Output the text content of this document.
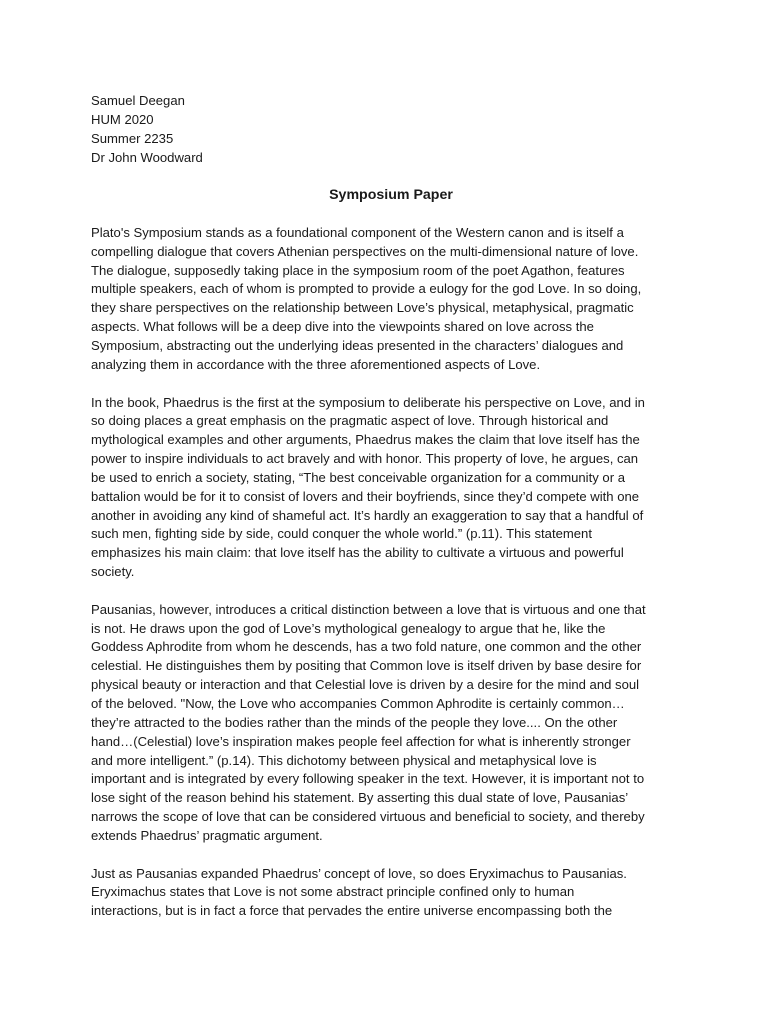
Samuel Deegan
HUM 2020
Summer 2235
Dr John Woodward
Symposium Paper

Plato's Symposium stands as a foundational component of the Western canon and is itself a
compelling dialogue that covers Athenian perspectives on the multi-dimensional nature of love.
The dialogue, supposedly taking place in the symposium room of the poet Agathon, features
multiple speakers, each of whom is prompted to provide a eulogy for the god Love. In so doing,
they share perspectives on the relationship between Love’s physical, metaphysical, pragmatic
aspects. What follows will be a deep dive into the viewpoints shared on love across the
Symposium, abstracting out the underlying ideas presented in the characters’ dialogues and
analyzing them in accordance with the three aforementioned aspects of Love.

In the book, Phaedrus is the first at the symposium to deliberate his perspective on Love, and in
so doing places a great emphasis on the pragmatic aspect of love. Through historical and
mythological examples and other arguments, Phaedrus makes the claim that love itself has the
power to inspire individuals to act bravely and with honor. This property of love, he argues, can
be used to enrich a society, stating, “The best conceivable organization for a community or a
battalion would be for it to consist of lovers and their boyfriends, since they’d compete with one
another in avoiding any kind of shameful act. It’s hardly an exaggeration to say that a handful of
such men, fighting side by side, could conquer the whole world.” (p.11). This statement
emphasizes his main claim: that love itself has the ability to cultivate a virtuous and powerful
society.

Pausanias, however, introduces a critical distinction between a love that is virtuous and one that
is not. He draws upon the god of Love’s mythological genealogy to argue that he, like the
Goddess Aphrodite from whom he descends, has a two fold nature, one common and the other
celestial. He distinguishes them by positing that Common love is itself driven by base desire for
physical beauty or interaction and that Celestial love is driven by a desire for the mind and soul
of the beloved. "Now, the Love who accompanies Common Aphrodite is certainly common…
they’re attracted to the bodies rather than the minds of the people they love.... On the other
hand…(Celestial) love’s inspiration makes people feel affection for what is inherently stronger
and more intelligent.” (p.14). This dichotomy between physical and metaphysical love is
important and is integrated by every following speaker in the text. However, it is important not to
lose sight of the reason behind his statement. By asserting this dual state of love, Pausanias’
narrows the scope of love that can be considered virtuous and beneficial to society, and thereby
extends Phaedrus’ pragmatic argument.

Just as Pausanias expanded Phaedrus’ concept of love, so does Eryximachus to Pausanias.
Eryximachus states that Love is not some abstract principle confined only to human
interactions, but is in fact a force that pervades the entire universe encompassing both the
